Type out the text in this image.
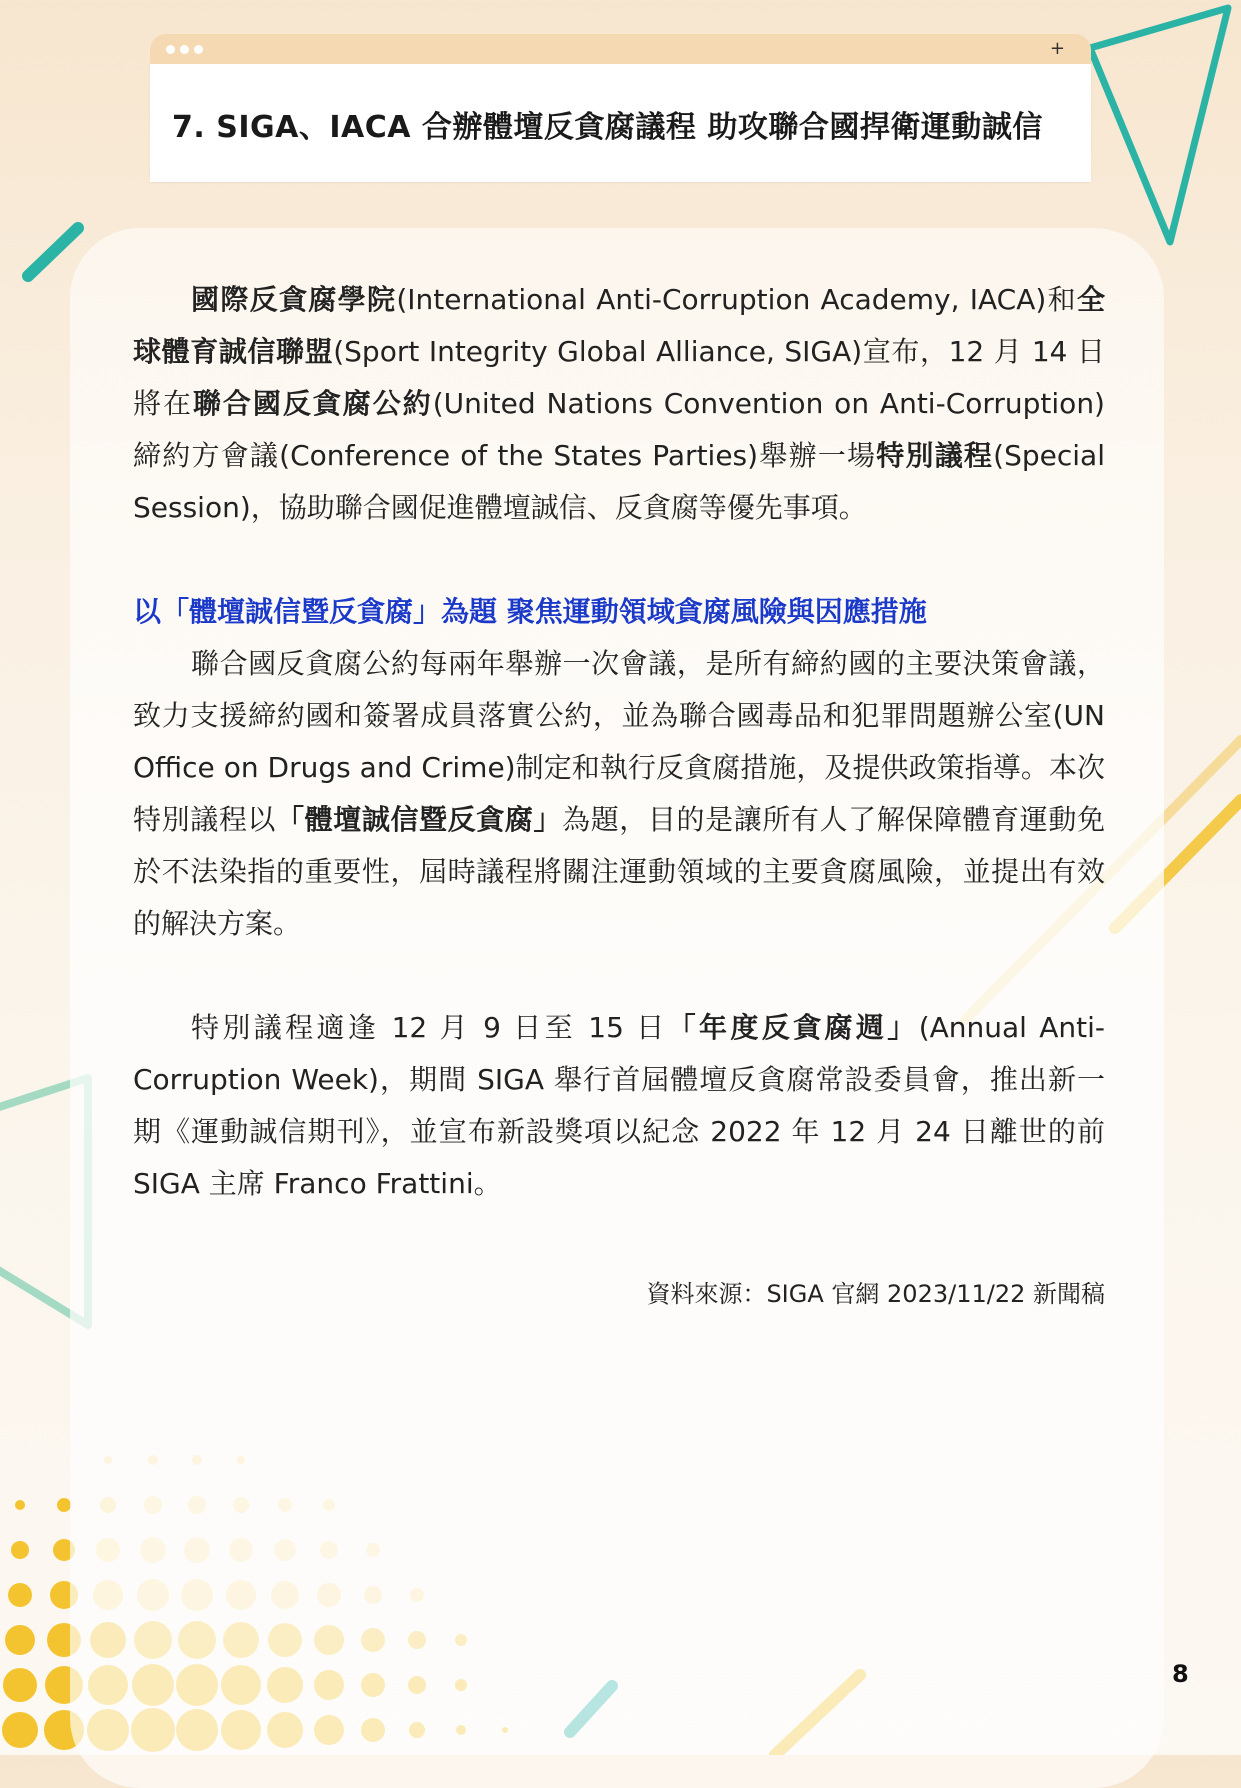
+
7. SIGA、IACA 合辦體壇反貪腐議程 助攻聯合國捍衛運動誠信

國際反貪腐學院(International Anti-Corruption Academy, IACA)和全球體育誠信聯盟(Sport Integrity Global Alliance, SIGA)宣布，12 月 14 日將在聯合國反貪腐公約(United Nations Convention on Anti-Corruption)締約方會議(Conference of the States Parties)舉辦一場特別議程(Special Session)，協助聯合國促進體壇誠信、反貪腐等優先事項。

以「體壇誠信暨反貪腐」為題 聚焦運動領域貪腐風險與因應措施

聯合國反貪腐公約每兩年舉辦一次會議，是所有締約國的主要決策會議，致力支援締約國和簽署成員落實公約，並為聯合國毒品和犯罪問題辦公室(UN Office on Drugs and Crime)制定和執行反貪腐措施，及提供政策指導。本次特別議程以「體壇誠信暨反貪腐」為題，目的是讓所有人了解保障體育運動免於不法染指的重要性，屆時議程將關注運動領域的主要貪腐風險，並提出有效的解決方案。

特別議程適逢 12 月 9 日至 15 日「年度反貪腐週」(Annual Anti-Corruption Week)，期間 SIGA 舉行首屆體壇反貪腐常設委員會，推出新一期《運動誠信期刊》，並宣布新設獎項以紀念 2022 年 12 月 24 日離世的前 SIGA 主席 Franco Frattini。

資料來源：SIGA 官網 2023/11/22 新聞稿
8
